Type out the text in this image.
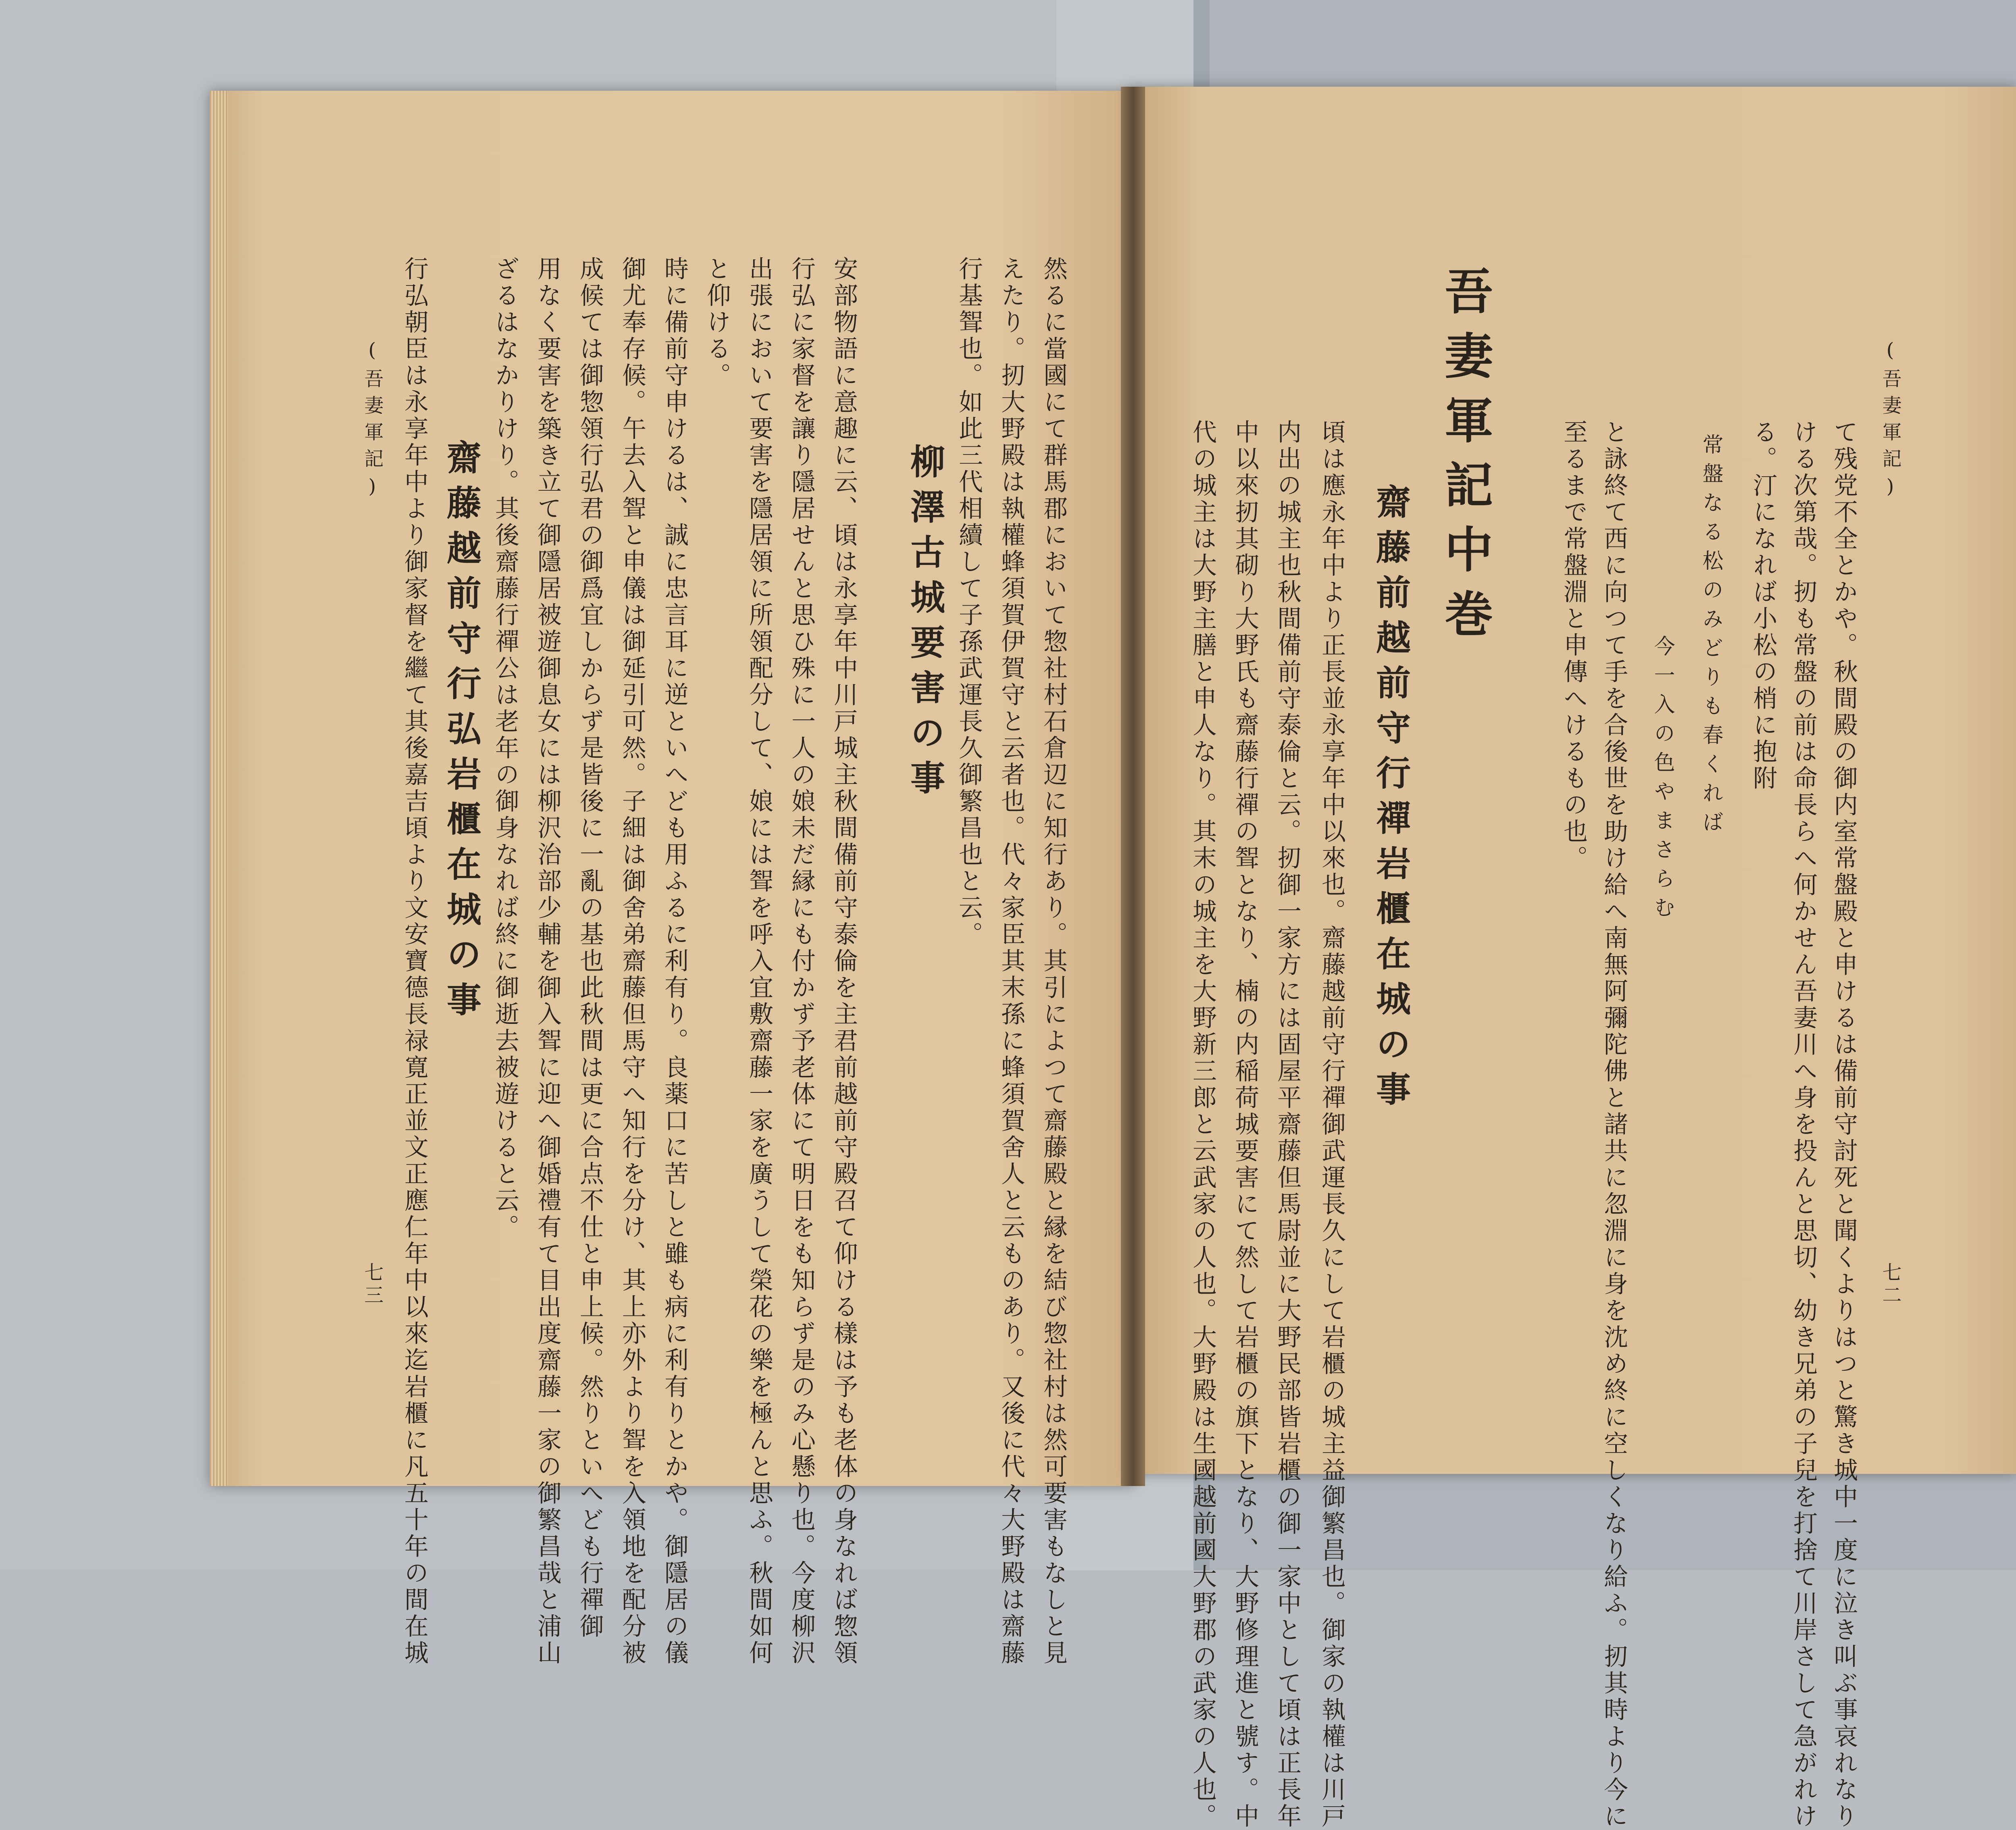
(吾妻軍記)
七二
て残党不全とかや。秋間殿の御内室常盤殿と申けるは備前守討死と聞くよりはつと驚き城中一度に泣き叫ぶ事哀れなり
ける次第哉。扨も常盤の前は命長らへ何かせん吾妻川へ身を投んと思切、幼き兄弟の子兒を打捨て川岸さして急がれけ
る。汀になれば小松の梢に抱附
常盤なる松のみどりも春くれば
今一入の色やまさらむ
と詠終て西に向つて手を合後世を助け給へ南無阿彌陀佛と諸共に忽淵に身を沈め終に空しくなり給ふ。扨其時より今に
至るまで常盤淵と申傳へけるもの也。
吾妻軍記中巻
齋藤前越前守行禪岩櫃在城の事
頃は應永年中より正長並永享年中以來也。齋藤越前守行禪御武運長久にして岩櫃の城主益御繁昌也。御家の執權は川戸
内出の城主也秋間備前守泰倫と云。扨御一家方には固屋平齋藤但馬尉並に大野民部皆岩櫃の御一家中として頃は正長年
中以來扨其砌り大野氏も齋藤行禪の聟となり、楠の内稲荷城要害にて然して岩櫃の旗下となり、大野修理進と號す。中
代の城主は大野主膳と申人なり。其末の城主を大野新三郎と云武家の人也。大野殿は生國越前國大野郡の武家の人也。
然るに當國にて群馬郡において惣社村石倉辺に知行あり。其引によつて齋藤殿と縁を結び惣社村は然可要害もなしと見
えたり。扨大野殿は執權蜂須賀伊賀守と云者也。代々家臣其末孫に蜂須賀舍人と云ものあり。又後に代々大野殿は齋藤
行基聟也。如此三代相續して子孫武運長久御繁昌也と云。
柳澤古城要害の事
安部物語に意趣に云、頃は永享年中川戸城主秋間備前守泰倫を主君前越前守殿召て仰ける樣は予も老体の身なれば惣領
行弘に家督を讓り隱居せんと思ひ殊に一人の娘未だ縁にも付かず予老体にて明日をも知らず是のみ心懸り也。今度柳沢
出張において要害を隱居領に所領配分して、娘には聟を呼入宜敷齋藤一家を廣うして榮花の樂を極んと思ふ。秋間如何
と仰ける。
時に備前守申けるは、誠に忠言耳に逆といへども用ふるに利有り。良薬口に苦しと雖も病に利有りとかや。御隱居の儀
御尤奉存候。午去入聟と申儀は御延引可然。子細は御舍弟齋藤但馬守へ知行を分け、其上亦外より聟を入領地を配分被
成候ては御惣領行弘君の御爲宜しからず是皆後に一亂の基也此秋間は更に合点不仕と申上候。然りといへども行禪御
用なく要害を築き立て御隱居被遊御息女には柳沢治部少輔を御入聟に迎へ御婚禮有て目出度齋藤一家の御繁昌哉と浦山
ざるはなかりけり。其後齋藤行禪公は老年の御身なれば終に御逝去被遊けると云。
齋藤越前守行弘岩櫃在城の事
行弘朝臣は永享年中より御家督を繼て其後嘉吉頃より文安寶德長禄寛正並文正應仁年中以來迄岩櫃に凡五十年の間在城
(吾妻軍記)
七三
